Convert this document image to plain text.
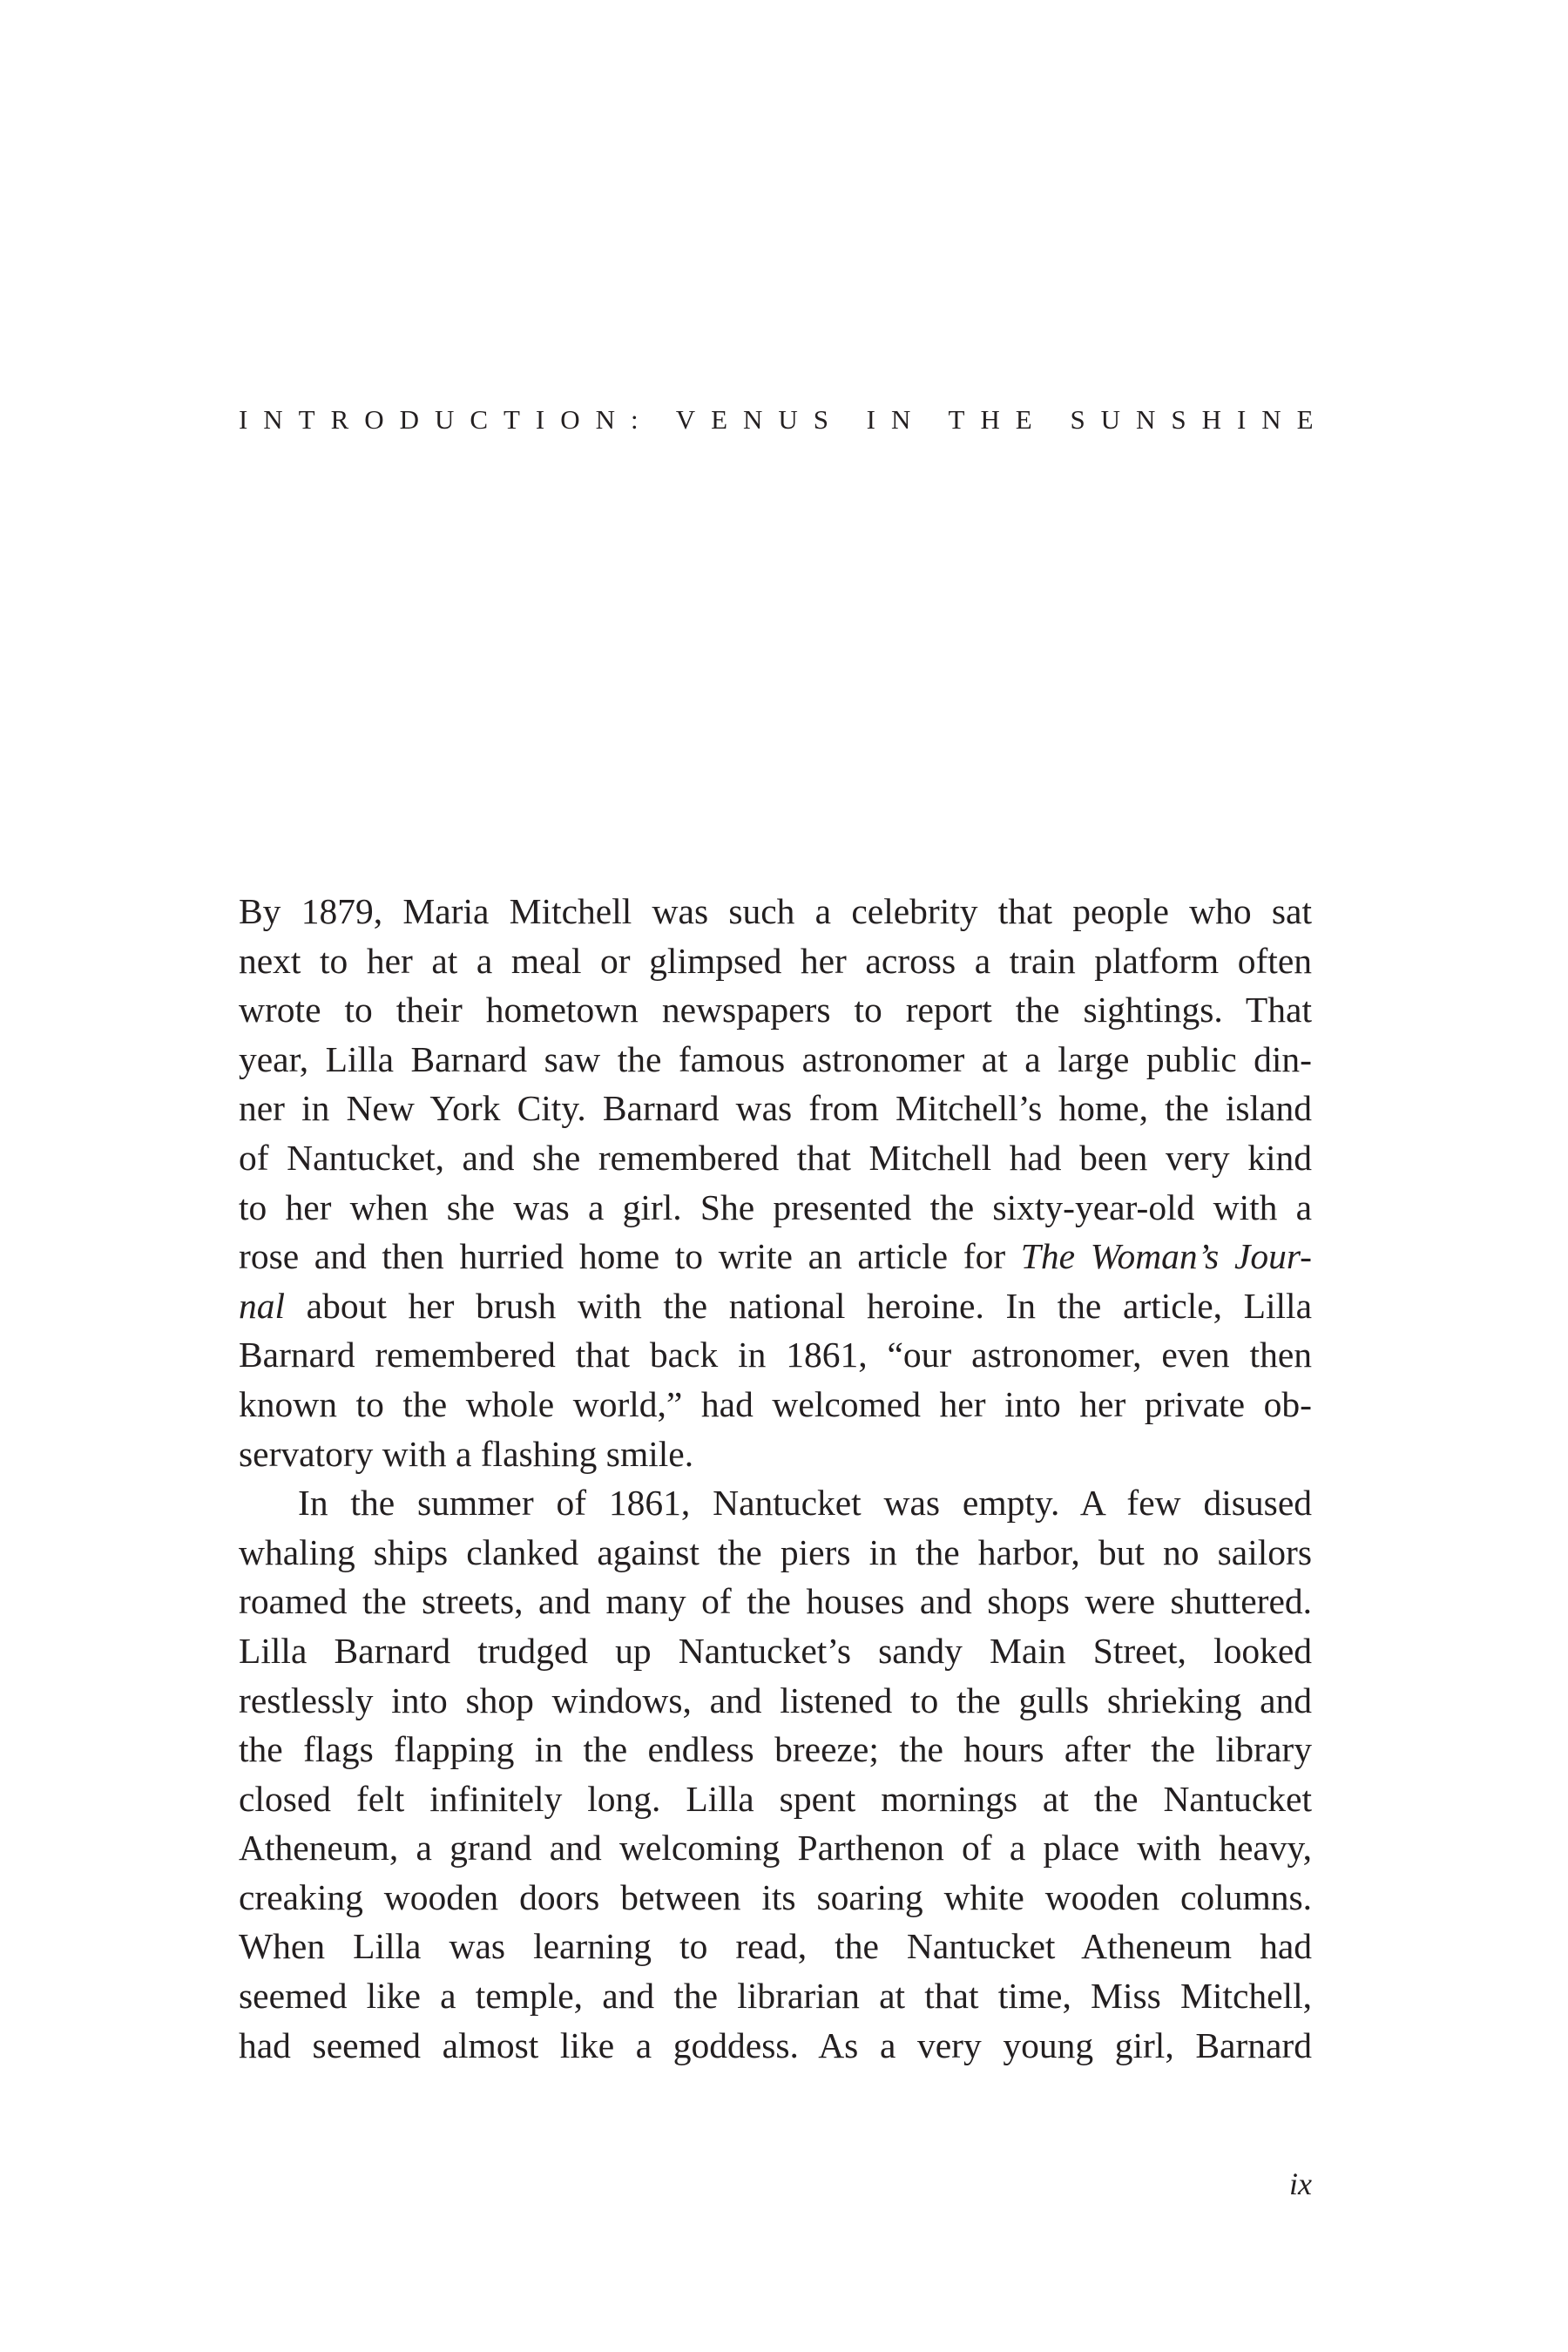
INTRODUCTION: VENUS IN THE SUNSHINE
By 1879, Maria Mitchell was such a celebrity that people who sat
next to her at a meal or glimpsed her across a train platform often
wrote to their hometown newspapers to report the sightings. That
year, Lilla Barnard saw the famous astronomer at a large public din-
ner in New York City. Barnard was from Mitchell’s home, the island
of Nantucket, and she remembered that Mitchell had been very kind
to her when she was a girl. She presented the sixty-year-old with a
rose and then hurried home to write an article for The Woman’s Jour-
nal about her brush with the national heroine. In the article, Lilla
Barnard remembered that back in 1861, “our astronomer, even then
known to the whole world,” had welcomed her into her private ob-
servatory with a flashing smile.
In the summer of 1861, Nantucket was empty. A few disused
whaling ships clanked against the piers in the harbor, but no sailors
roamed the streets, and many of the houses and shops were shuttered.
Lilla Barnard trudged up Nantucket’s sandy Main Street, looked
restlessly into shop windows, and listened to the gulls shrieking and
the flags flapping in the endless breeze; the hours after the library
closed felt infinitely long. Lilla spent mornings at the Nantucket
Atheneum, a grand and welcoming Parthenon of a place with heavy,
creaking wooden doors between its soaring white wooden columns.
When Lilla was learning to read, the Nantucket Atheneum had
seemed like a temple, and the librarian at that time, Miss Mitchell,
had seemed almost like a goddess. As a very young girl, Barnard
ix
